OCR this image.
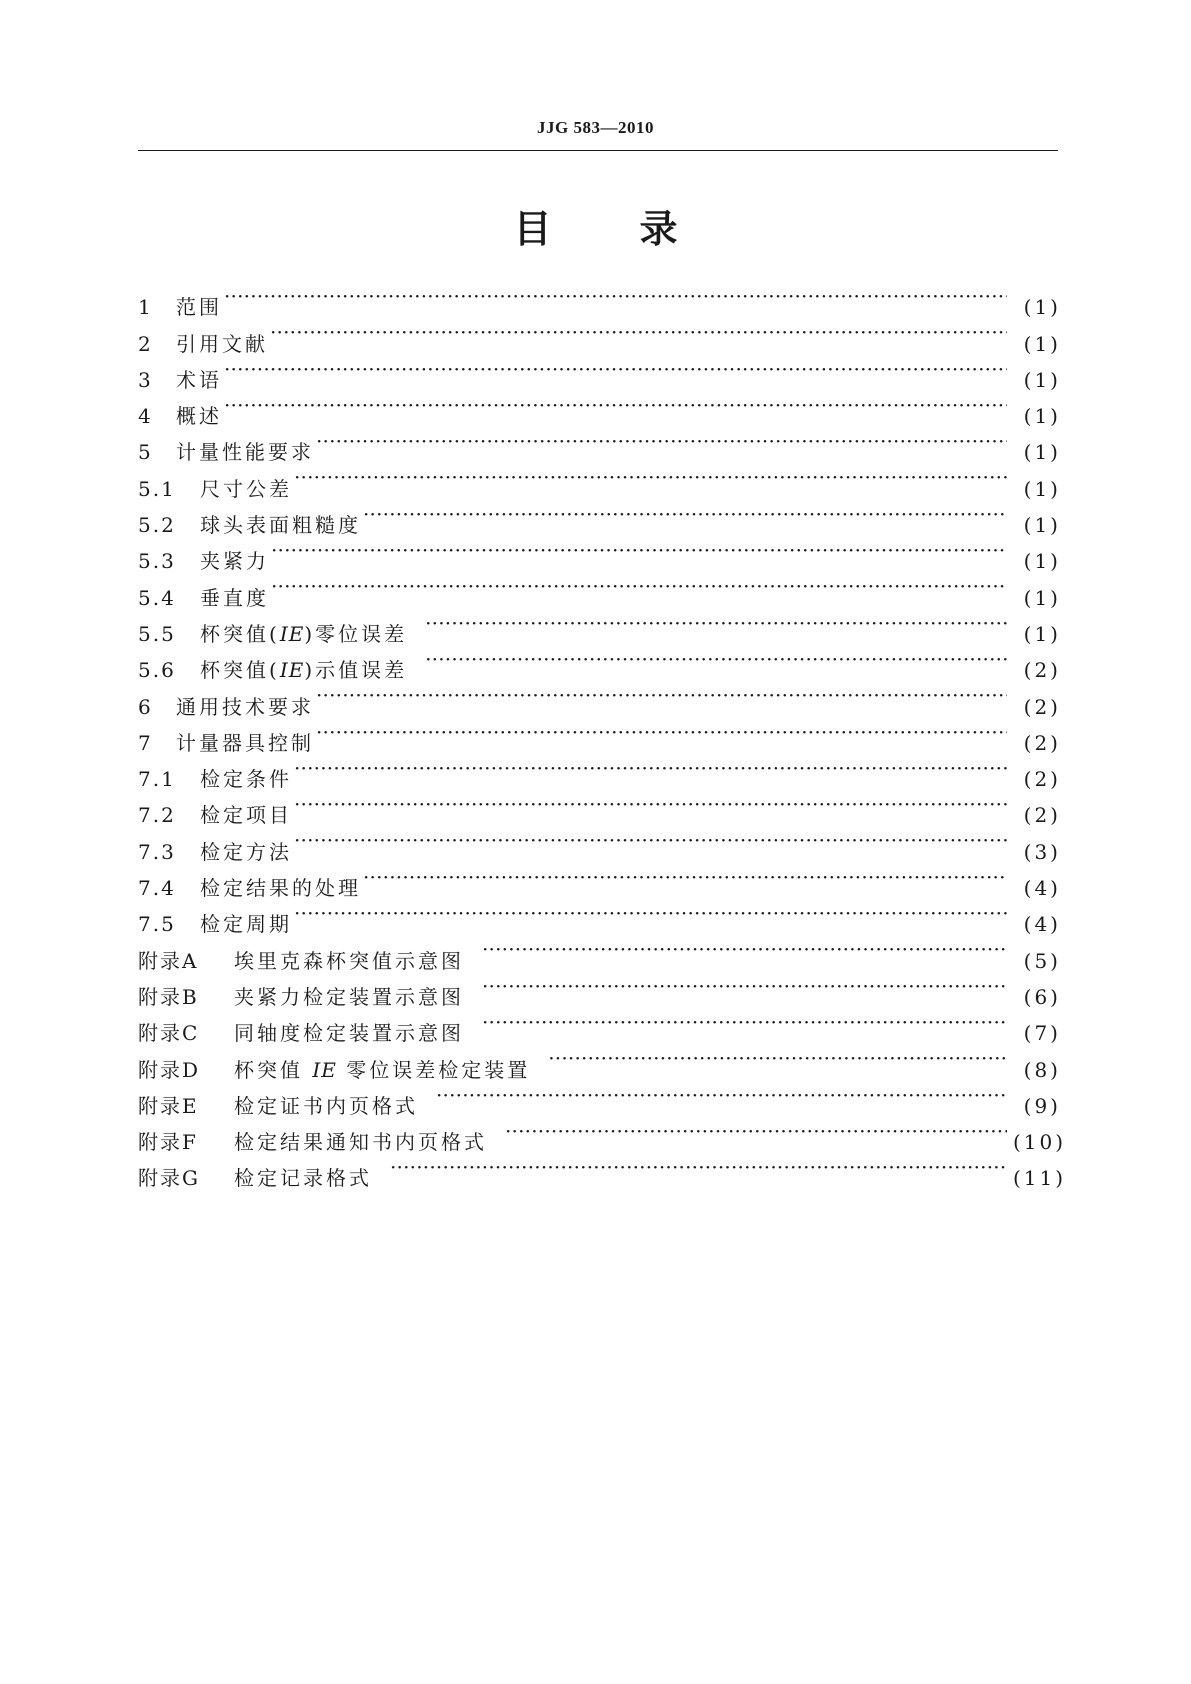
JJG 583—2010
目 录
1	范围 ·····	(1)
2	引用文献 ·····	(1)
3	术语 ·····	(1)
4	概述 ·····	(1)
5	计量性能要求 ·····	(1)
5.1	尺寸公差 ·····	(1)
5.2	球头表面粗糙度 ·····	(1)
5.3	夹紧力 ·····	(1)
5.4	垂直度 ·····	(1)
5.5	杯突值(IE)零位误差 ·····	(1)
5.6	杯突值(IE)示值误差 ·····	(2)
6	通用技术要求 ·····	(2)
7	计量器具控制 ·····	(2)
7.1	检定条件 ·····	(2)
7.2	检定项目 ·····	(2)
7.3	检定方法 ·····	(3)
7.4	检定结果的处理 ·····	(4)
7.5	检定周期 ·····	(4)
附录A	埃里克森杯突值示意图 ·····	(5)
附录B	夹紧力检定装置示意图 ·····	(6)
附录C	同轴度检定装置示意图 ·····	(7)
附录D	杯突值 IE 零位误差检定装置 ·····	(8)
附录E	检定证书内页格式 ·····	(9)
附录F	检定结果通知书内页格式 ·····	(10)
附录G	检定记录格式 ·····	(11)
